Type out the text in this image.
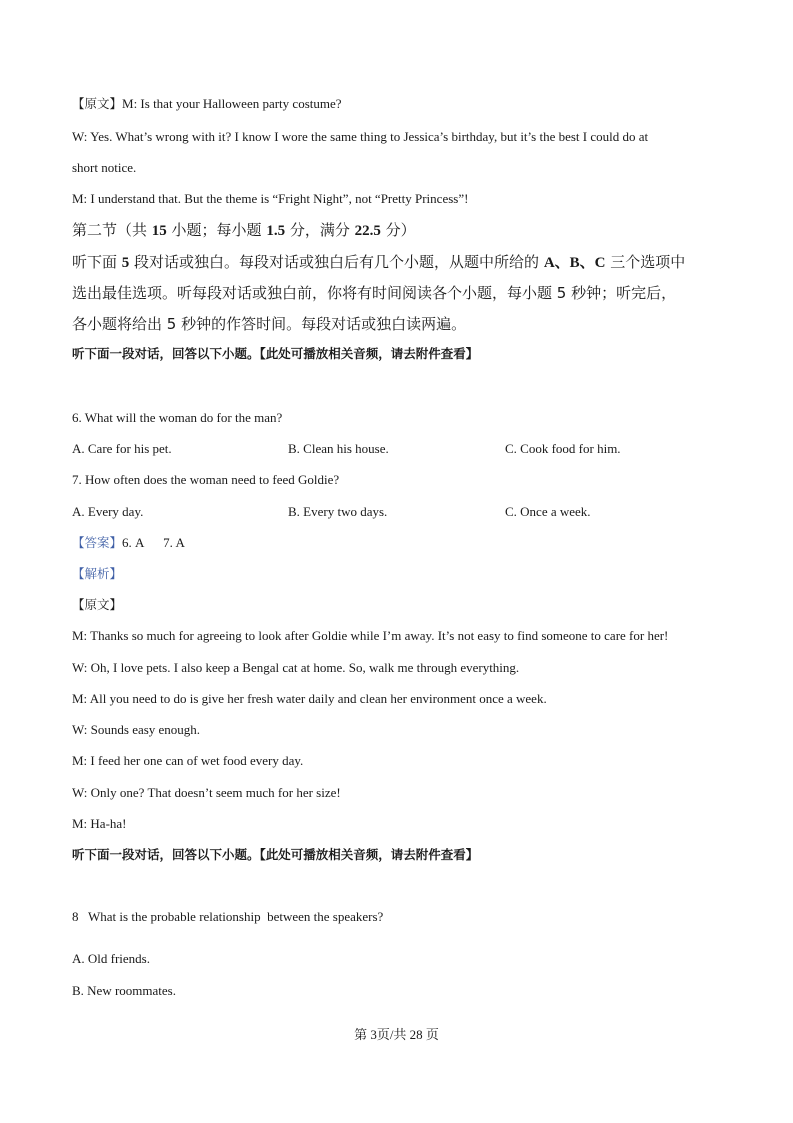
【原文】M: Is that your Halloween party costume?
W: Yes. What’s wrong with it? I know I wore the same thing to Jessica’s birthday, but it’s the best I could do at
short notice.
M: I understand that. But the theme is “Fright Night”, not “Pretty Princess”!
第二节（共 15 小题；每小题 1.5 分，满分 22.5 分）
听下面 5 段对话或独白。每段对话或独白后有几个小题，从题中所给的 A、B、C 三个选项中
选出最佳选项。听每段对话或独白前，你将有时间阅读各个小题，每小题 5 秒钟；听完后，
各小题将给出 5 秒钟的作答时间。每段对话或独白读两遍。
听下面一段对话，回答以下小题。【此处可播放相关音频，请去附件查看】
6. What will the woman do for the man?
A. Care for his pet.	B. Clean his house.	C. Cook food for him.
7. How often does the woman need to feed Goldie?
A. Every day.	B. Every two days.	C. Once a week.
【答案】6. A      7. A
【解析】
【原文】
M: Thanks so much for agreeing to look after Goldie while I’m away. It’s not easy to find someone to care for her!
W: Oh, I love pets. I also keep a Bengal cat at home. So, walk me through everything.
M: All you need to do is give her fresh water daily and clean her environment once a week.
W: Sounds easy enough.
M: I feed her one can of wet food every day.
W: Only one? That doesn’t seem much for her size!
M: Ha-ha!
听下面一段对话，回答以下小题。【此处可播放相关音频，请去附件查看】
8   What is the probable relationship  between the speakers?
A. Old friends.
B. New roommates.
第 3页/共 28 页
